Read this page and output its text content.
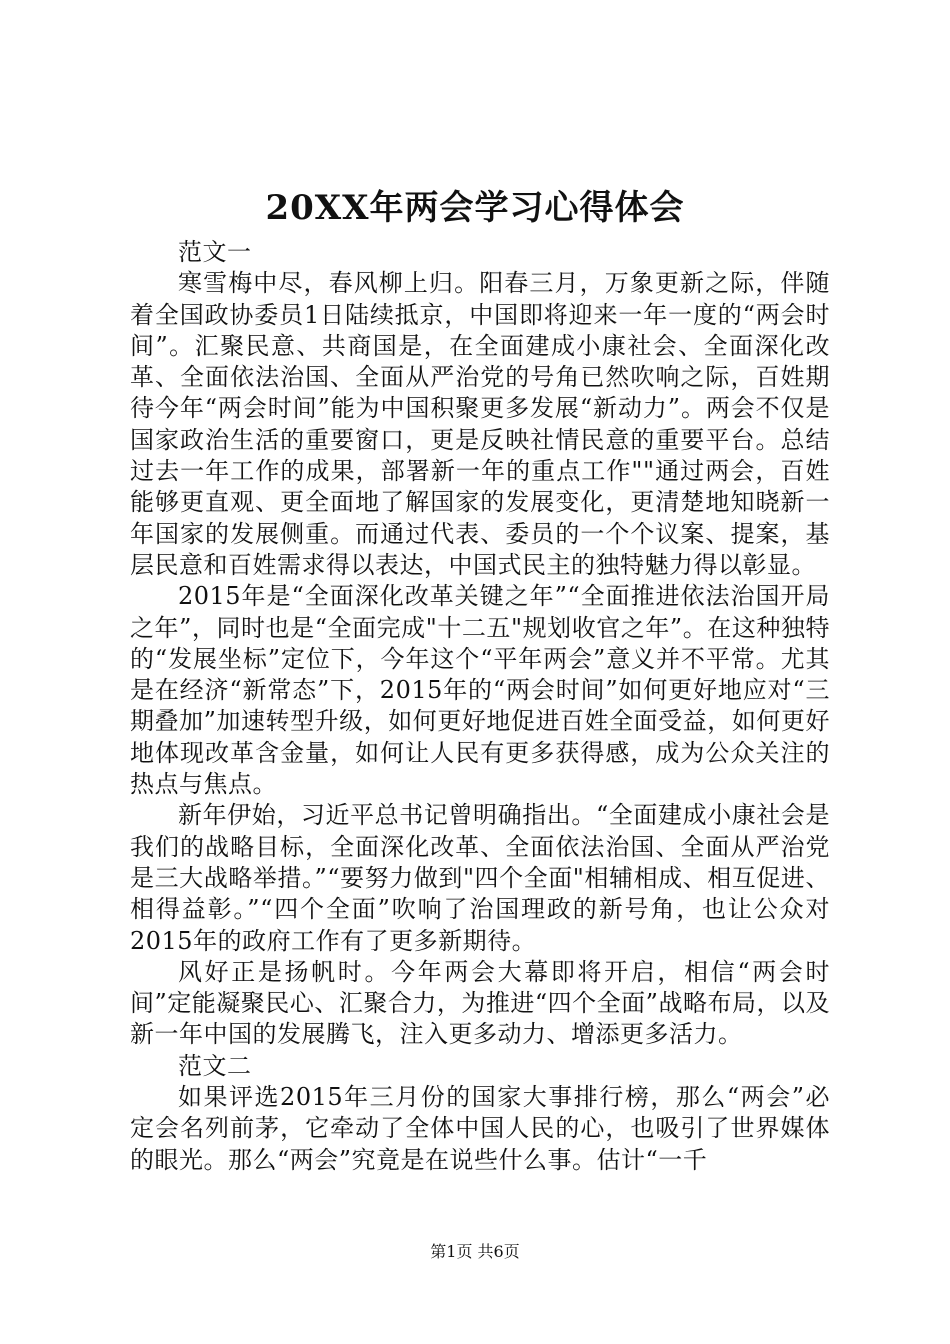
20XX年两会学习心得体会

范文一

寒雪梅中尽，春风柳上归。阳春三月，万象更新之际，伴随着全国政协委员1日陆续抵京，中国即将迎来一年一度的“两会时间”。汇聚民意、共商国是，在全面建成小康社会、全面深化改革、全面依法治国、全面从严治党的号角已然吹响之际，百姓期待今年“两会时间”能为中国积聚更多发展“新动力”。两会不仅是国家政治生活的重要窗口，更是反映社情民意的重要平台。总结过去一年工作的成果，部署新一年的重点工作""通过两会，百姓能够更直观、更全面地了解国家的发展变化，更清楚地知晓新一年国家的发展侧重。而通过代表、委员的一个个议案、提案，基层民意和百姓需求得以表达，中国式民主的独特魅力得以彰显。

2015年是“全面深化改革关键之年”“全面推进依法治国开局之年”，同时也是“全面完成"十二五"规划收官之年”。在这种独特的“发展坐标”定位下，今年这个“平年两会”意义并不平常。尤其是在经济“新常态”下，2015年的“两会时间”如何更好地应对“三期叠加”加速转型升级，如何更好地促进百姓全面受益，如何更好地体现改革含金量，如何让人民有更多获得感，成为公众关注的热点与焦点。

新年伊始，习近平总书记曾明确指出。“全面建成小康社会是我们的战略目标，全面深化改革、全面依法治国、全面从严治党是三大战略举措。”“要努力做到"四个全面"相辅相成、相互促进、相得益彰。”“四个全面”吹响了治国理政的新号角，也让公众对2015年的政府工作有了更多新期待。

风好正是扬帆时。今年两会大幕即将开启，相信“两会时间”定能凝聚民心、汇聚合力，为推进“四个全面”战略布局，以及新一年中国的发展腾飞，注入更多动力、增添更多活力。

范文二

如果评选2015年三月份的国家大事排行榜，那么“两会”必定会名列前茅，它牵动了全体中国人民的心，也吸引了世界媒体的眼光。那么“两会”究竟是在说些什么事。估计“一千

第1页 共6页
